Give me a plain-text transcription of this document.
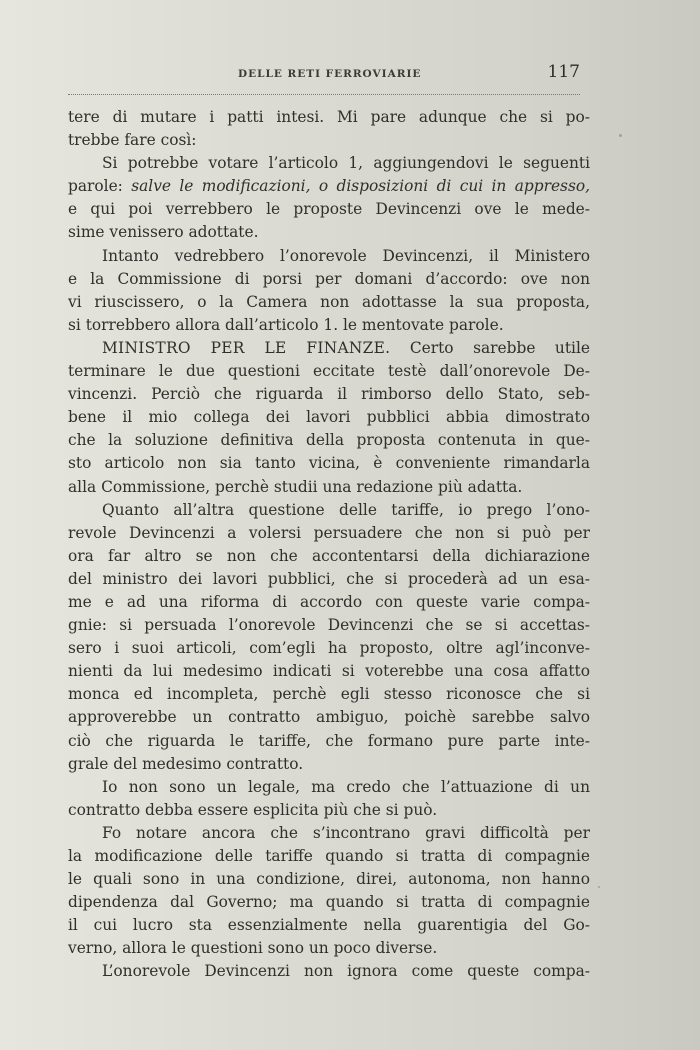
DELLE RETI FERROVIARIE	117
tere di mutare i patti intesi. Mi pare adunque che si po-
trebbe fare così:
Si potrebbe votare l’articolo 1, aggiungendovi le seguenti
parole: salve le modificazioni, o disposizioni di cui in appresso,
e qui poi verrebbero le proposte Devincenzi ove le mede-
sime venissero adottate.
Intanto vedrebbero l’onorevole Devincenzi, il Ministero
e la Commissione di porsi per domani d’accordo: ove non
vi riuscissero, o la Camera non adottasse la sua proposta,
si torrebbero allora dall’articolo 1. le mentovate parole.
MINISTRO PER LE FINANZE. Certo sarebbe utile
terminare le due questioni eccitate testè dall’onorevole De-
vincenzi. Perciò che riguarda il rimborso dello Stato, seb-
bene il mio collega dei lavori pubblici abbia dimostrato
che la soluzione definitiva della proposta contenuta in que-
sto articolo non sia tanto vicina, è conveniente rimandarla
alla Commissione, perchè studii una redazione più adatta.
Quanto all’altra questione delle tariffe, io prego l’ono-
revole Devincenzi a volersi persuadere che non si può per
ora far altro se non che accontentarsi della dichiarazione
del ministro dei lavori pubblici, che si procederà ad un esa-
me e ad una riforma di accordo con queste varie compa-
gnie: si persuada l’onorevole Devincenzi che se si accettas-
sero i suoi articoli, com’egli ha proposto, oltre agl’inconve-
nienti da lui medesimo indicati si voterebbe una cosa affatto
monca ed incompleta, perchè egli stesso riconosce che si
approverebbe un contratto ambiguo, poichè sarebbe salvo
ciò che riguarda le tariffe, che formano pure parte inte-
grale del medesimo contratto.
Io non sono un legale, ma credo che l’attuazione di un
contratto debba essere esplicita più che si può.
Fo notare ancora che s’incontrano gravi difficoltà per
la modificazione delle tariffe quando si tratta di compagnie
le quali sono in una condizione, direi, autonoma, non hanno
dipendenza dal Governo; ma quando si tratta di compagnie
il cui lucro sta essenzialmente nella guarentigia del Go-
verno, allora le questioni sono un poco diverse.
L’onorevole Devincenzi non ignora come queste compa-
